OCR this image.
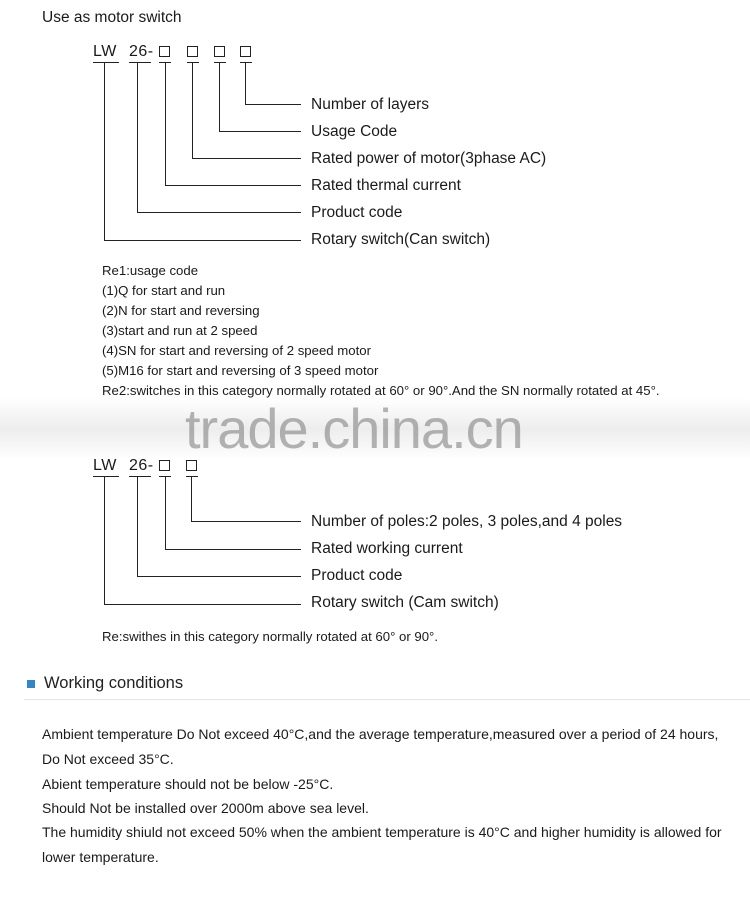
Use as motor switch
LW 26-
Number of layers
Usage Code
Rated power of motor(3phase AC)
Rated thermal current
Product code
Rotary switch(Can switch)
Re1:usage code
(1)Q for start and run
(2)N for start and reversing
(3)start and run at 2 speed
(4)SN for start and reversing of 2 speed motor
(5)M16 for start and reversing of 3 speed motor
Re2:switches in this category normally rotated at 60° or 90°.And the SN normally rotated at 45°.
trade.china.cn
LW 26-
Number of poles:2 poles, 3 poles,and 4 poles
Rated working current
Product code
Rotary switch (Cam switch)
Re:swithes in this category normally rotated at 60° or 90°.
Working conditions
Ambient temperature Do Not exceed 40°C,and the average temperature,measured over a period of 24 hours,
Do Not exceed 35°C.
Abient temperature should not be below -25°C.
Should Not be installed over 2000m above sea level.
The humidity shiuld not exceed 50% when the ambient temperature is 40°C and higher humidity is allowed for
lower temperature.
